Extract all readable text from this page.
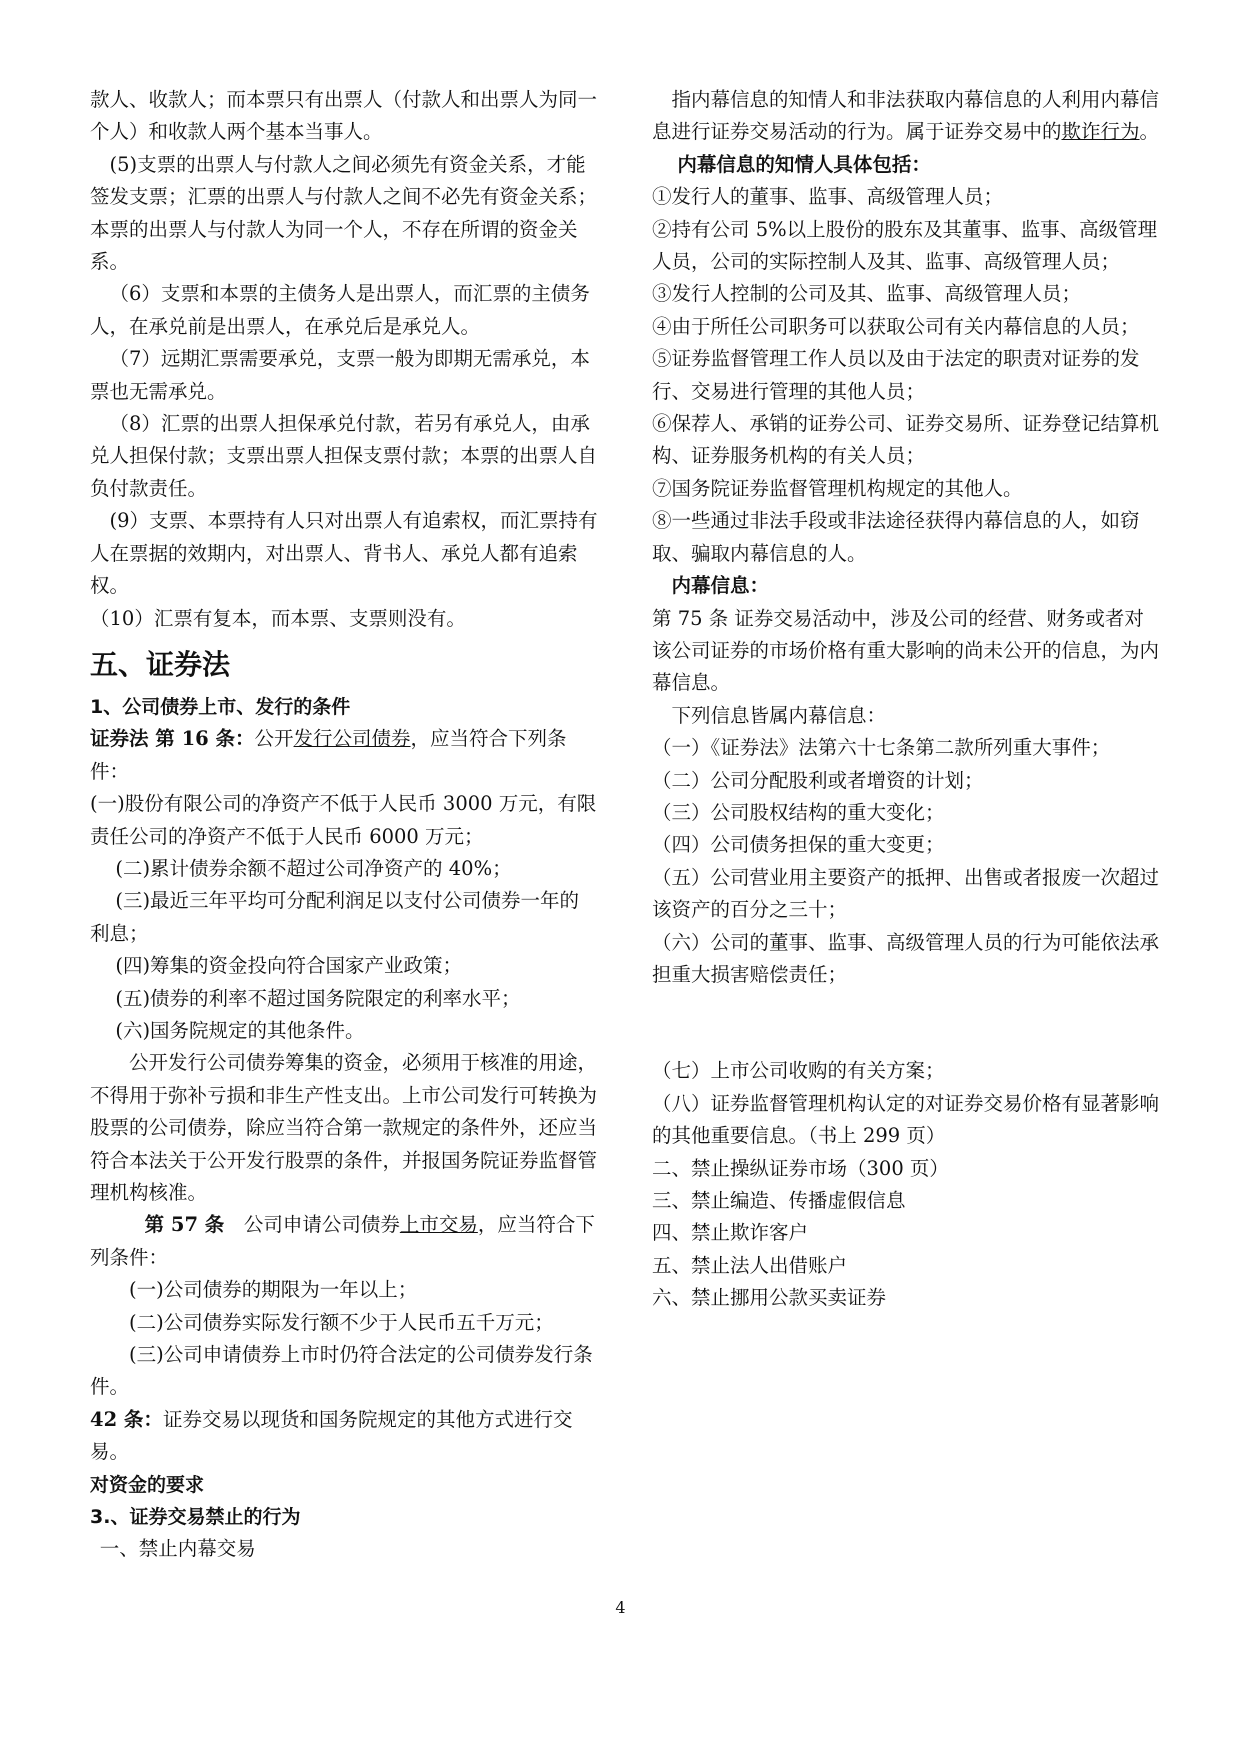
款人、收款人；而本票只有出票人（付款人和出票人为同一个人）和收款人两个基本当事人。

(5)支票的出票人与付款人之间必须先有资金关系，才能签发支票；汇票的出票人与付款人之间不必先有资金关系；本票的出票人与付款人为同一个人，不存在所谓的资金关系。

（6）支票和本票的主债务人是出票人，而汇票的主债务人，在承兑前是出票人，在承兑后是承兑人。

（7）远期汇票需要承兑，支票一般为即期无需承兑，本票也无需承兑。

（8）汇票的出票人担保承兑付款，若另有承兑人，由承兑人担保付款；支票出票人担保支票付款；本票的出票人自负付款责任。

(9）支票、本票持有人只对出票人有追索权，而汇票持有人在票据的效期内，对出票人、背书人、承兑人都有追索权。

（10）汇票有复本，而本票、支票则没有。

五、证券法

1、公司债券上市、发行的条件

证券法 第 16 条：公开发行公司债券，应当符合下列条件：

(一)股份有限公司的净资产不低于人民币 3000 万元，有限责任公司的净资产不低于人民币 6000 万元；

(二)累计债券余额不超过公司净资产的 40%；

(三)最近三年平均可分配利润足以支付公司债券一年的利息；

(四)筹集的资金投向符合国家产业政策；

(五)债券的利率不超过国务院限定的利率水平；

(六)国务院规定的其他条件。

公开发行公司债券筹集的资金，必须用于核准的用途，不得用于弥补亏损和非生产性支出。上市公司发行可转换为股票的公司债券，除应当符合第一款规定的条件外，还应当符合本法关于公开发行股票的条件，并报国务院证券监督管理机构核准。

第 57 条　公司申请公司债券上市交易，应当符合下列条件：

(一)公司债券的期限为一年以上；

(二)公司债券实际发行额不少于人民币五千万元；

(三)公司申请债券上市时仍符合法定的公司债券发行条件。

42 条：证券交易以现货和国务院规定的其他方式进行交易。

对资金的要求

3.、证券交易禁止的行为

一、禁止内幕交易

指内幕信息的知情人和非法获取内幕信息的人利用内幕信息进行证券交易活动的行为。属于证券交易中的欺诈行为。

内幕信息的知情人具体包括：

①发行人的董事、监事、高级管理人员；

②持有公司 5%以上股份的股东及其董事、监事、高级管理人员，公司的实际控制人及其、监事、高级管理人员；

③发行人控制的公司及其、监事、高级管理人员；

④由于所任公司职务可以获取公司有关内幕信息的人员；

⑤证券监督管理工作人员以及由于法定的职责对证券的发行、交易进行管理的其他人员；

⑥保荐人、承销的证券公司、证券交易所、证券登记结算机构、证券服务机构的有关人员；

⑦国务院证券监督管理机构规定的其他人。

⑧一些通过非法手段或非法途径获得内幕信息的人，如窃取、骗取内幕信息的人。

内幕信息：

第 75 条 证券交易活动中，涉及公司的经营、财务或者对该公司证券的市场价格有重大影响的尚未公开的信息，为内幕信息。

下列信息皆属内幕信息：

（一）《证券法》法第六十七条第二款所列重大事件；

（二）公司分配股利或者增资的计划；

（三）公司股权结构的重大变化；

（四）公司债务担保的重大变更；

（五）公司营业用主要资产的抵押、出售或者报废一次超过该资产的百分之三十；

（六）公司的董事、监事、高级管理人员的行为可能依法承担重大损害赔偿责任；

（七）上市公司收购的有关方案；

（八）证券监督管理机构认定的对证券交易价格有显著影响的其他重要信息。（书上 299 页）

二、禁止操纵证券市场（300 页）

三、禁止编造、传播虚假信息

四、禁止欺诈客户

五、禁止法人出借账户

六、禁止挪用公款买卖证券

4
